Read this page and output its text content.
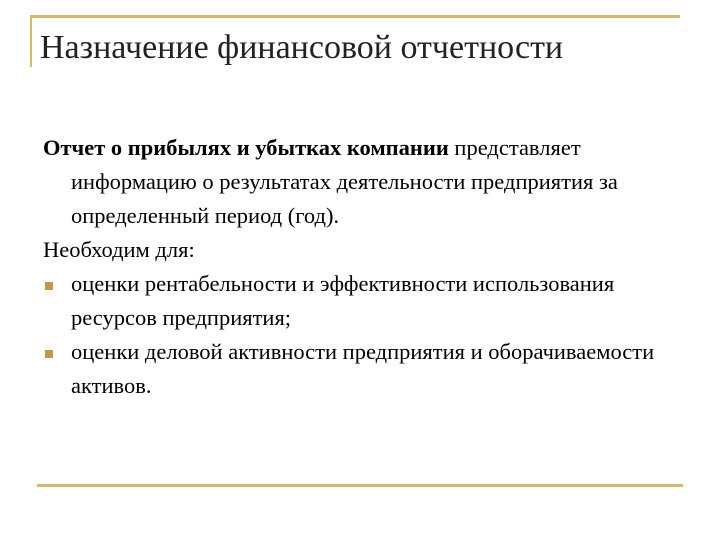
Назначение финансовой отчетности

Отчет о прибылях и убытках компании представляет информацию о результатах деятельности предприятия за определенный период (год).

Необходим для:

оценки рентабельности и эффективности использования ресурсов предприятия;
оценки деловой активности предприятия и оборачиваемости активов.
